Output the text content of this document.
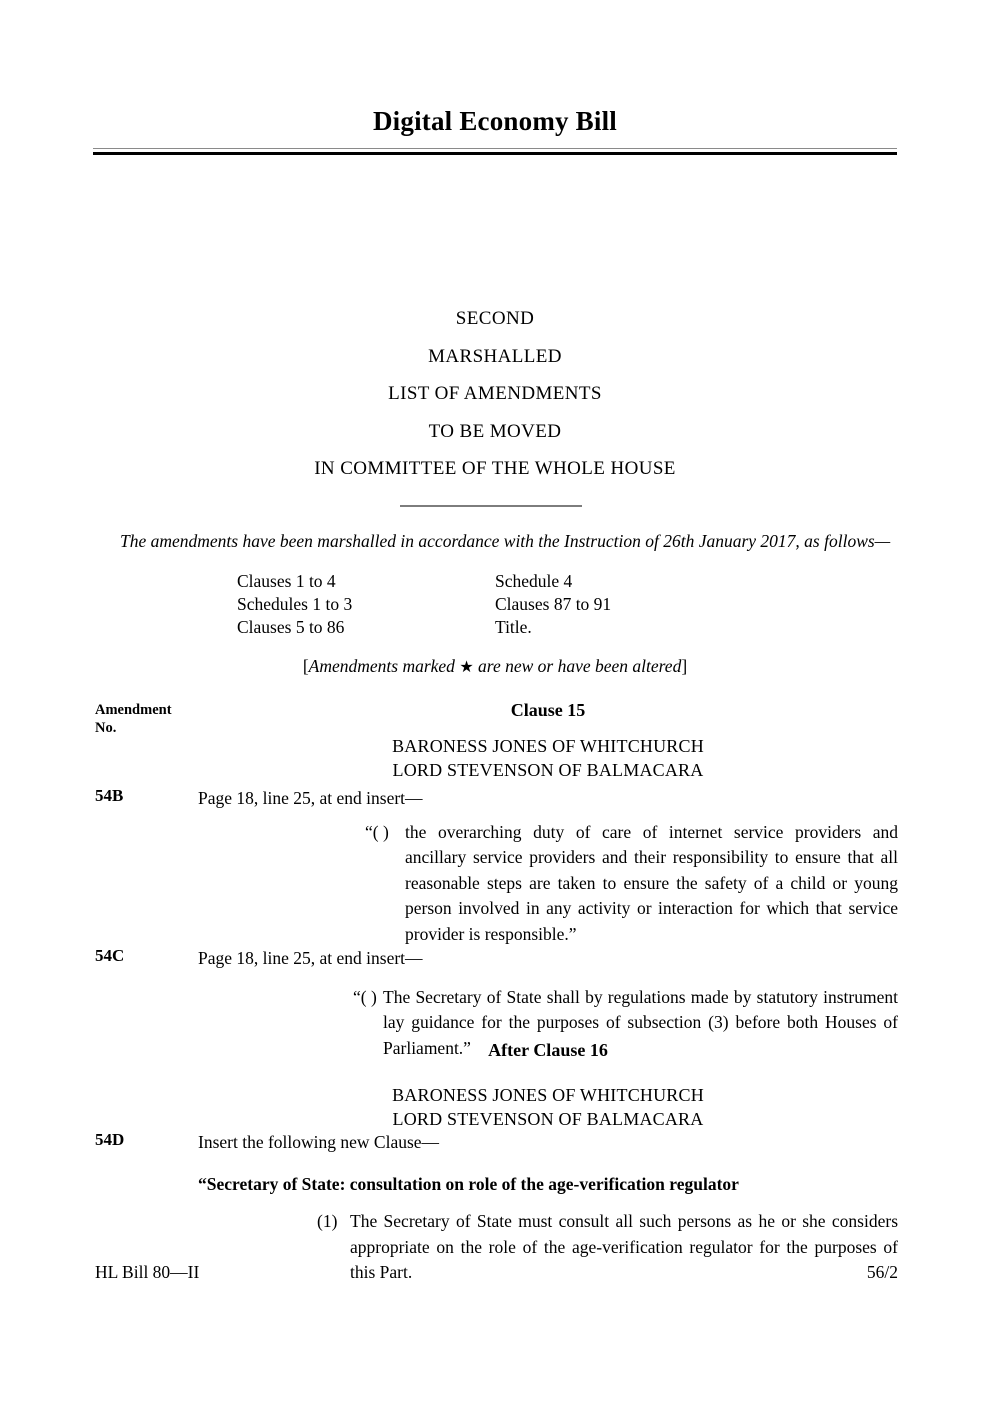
Digital Economy Bill
SECOND
MARSHALLED
LIST OF AMENDMENTS
TO BE MOVED
IN COMMITTEE OF THE WHOLE HOUSE
The amendments have been marshalled in accordance with the Instruction of 26th January 2017, as follows—
Clauses 1 to 4	Schedule 4
Schedules 1 to 3	Clauses 87 to 91
Clauses 5 to 86	Title.
[Amendments marked ★ are new or have been altered]
Amendment
No.
Clause 15
BARONESS JONES OF WHITCHURCH
LORD STEVENSON OF BALMACARA
54B	Page 18, line 25, at end insert—
“( ) the overarching duty of care of internet service providers and ancillary service providers and their responsibility to ensure that all reasonable steps are taken to ensure the safety of a child or young person involved in any activity or interaction for which that service provider is responsible.”
54C	Page 18, line 25, at end insert—
“( ) The Secretary of State shall by regulations made by statutory instrument lay guidance for the purposes of subsection (3) before both Houses of Parliament.” After Clause 16
BARONESS JONES OF WHITCHURCH
LORD STEVENSON OF BALMACARA
54D	Insert the following new Clause—
“Secretary of State: consultation on role of the age-verification regulator
(1) The Secretary of State must consult all such persons as he or she considers appropriate on the role of the age-verification regulator for the purposes of this Part.
HL Bill 80—II	56/2
